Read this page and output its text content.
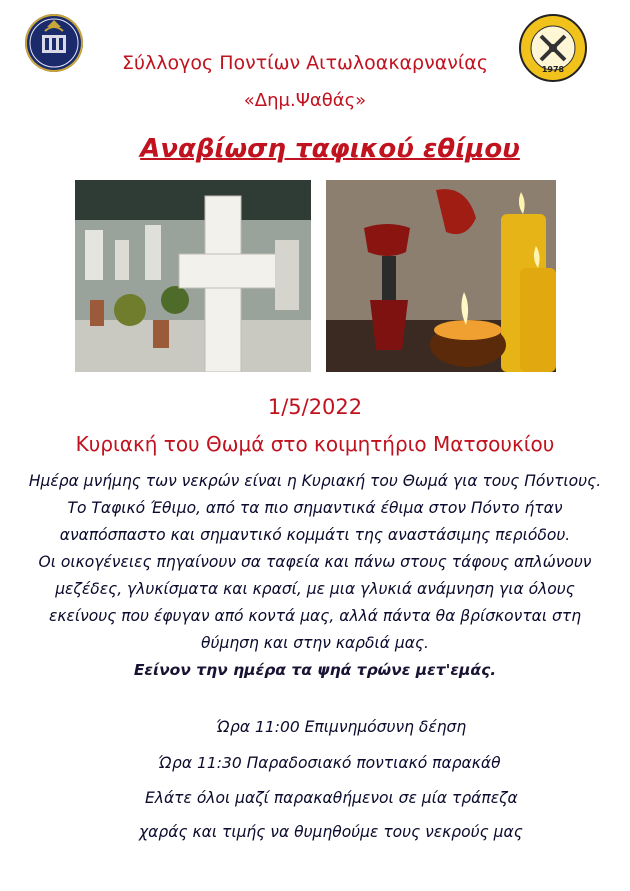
1978
Σύλλογος Ποντίων Αιτωλοακαρνανίας
«Δημ.Ψαθάς»
Αναβίωση ταφικού εθίμου
1/5/2022
Κυριακή του Θωμά στο κοιμητήριο Ματσουκίου
Ημέρα μνήμης των νεκρών είναι η Κυριακή του Θωμά για τους Πόντιους.
Το Ταφικό Έθιμο, από τα πιο σημαντικά έθιμα στον Πόντο ήταν
αναπόσπαστο και σημαντικό κομμάτι της αναστάσιμης περιόδου.
Οι οικογένειες πηγαίνουν σα ταφεία και πάνω στους τάφους απλώνουν
μεζέδες, γλυκίσματα και κρασί, με μια γλυκιά ανάμνηση για όλους
εκείνους που έφυγαν από κοντά μας, αλλά πάντα θα βρίσκονται στη
θύμηση και στην καρδιά μας.
Εείνον την ημέρα τα ψηά τρώνε μετ'εμάς.
Ώρα 11:00 Επιμνημόσυνη δέηση
Ώρα 11:30 Παραδοσιακό ποντιακό παρακάθ
Ελάτε όλοι μαζί παρακαθήμενοι σε μία τράπεζα
χαράς και τιμής να θυμηθούμε τους νεκρούς μας
